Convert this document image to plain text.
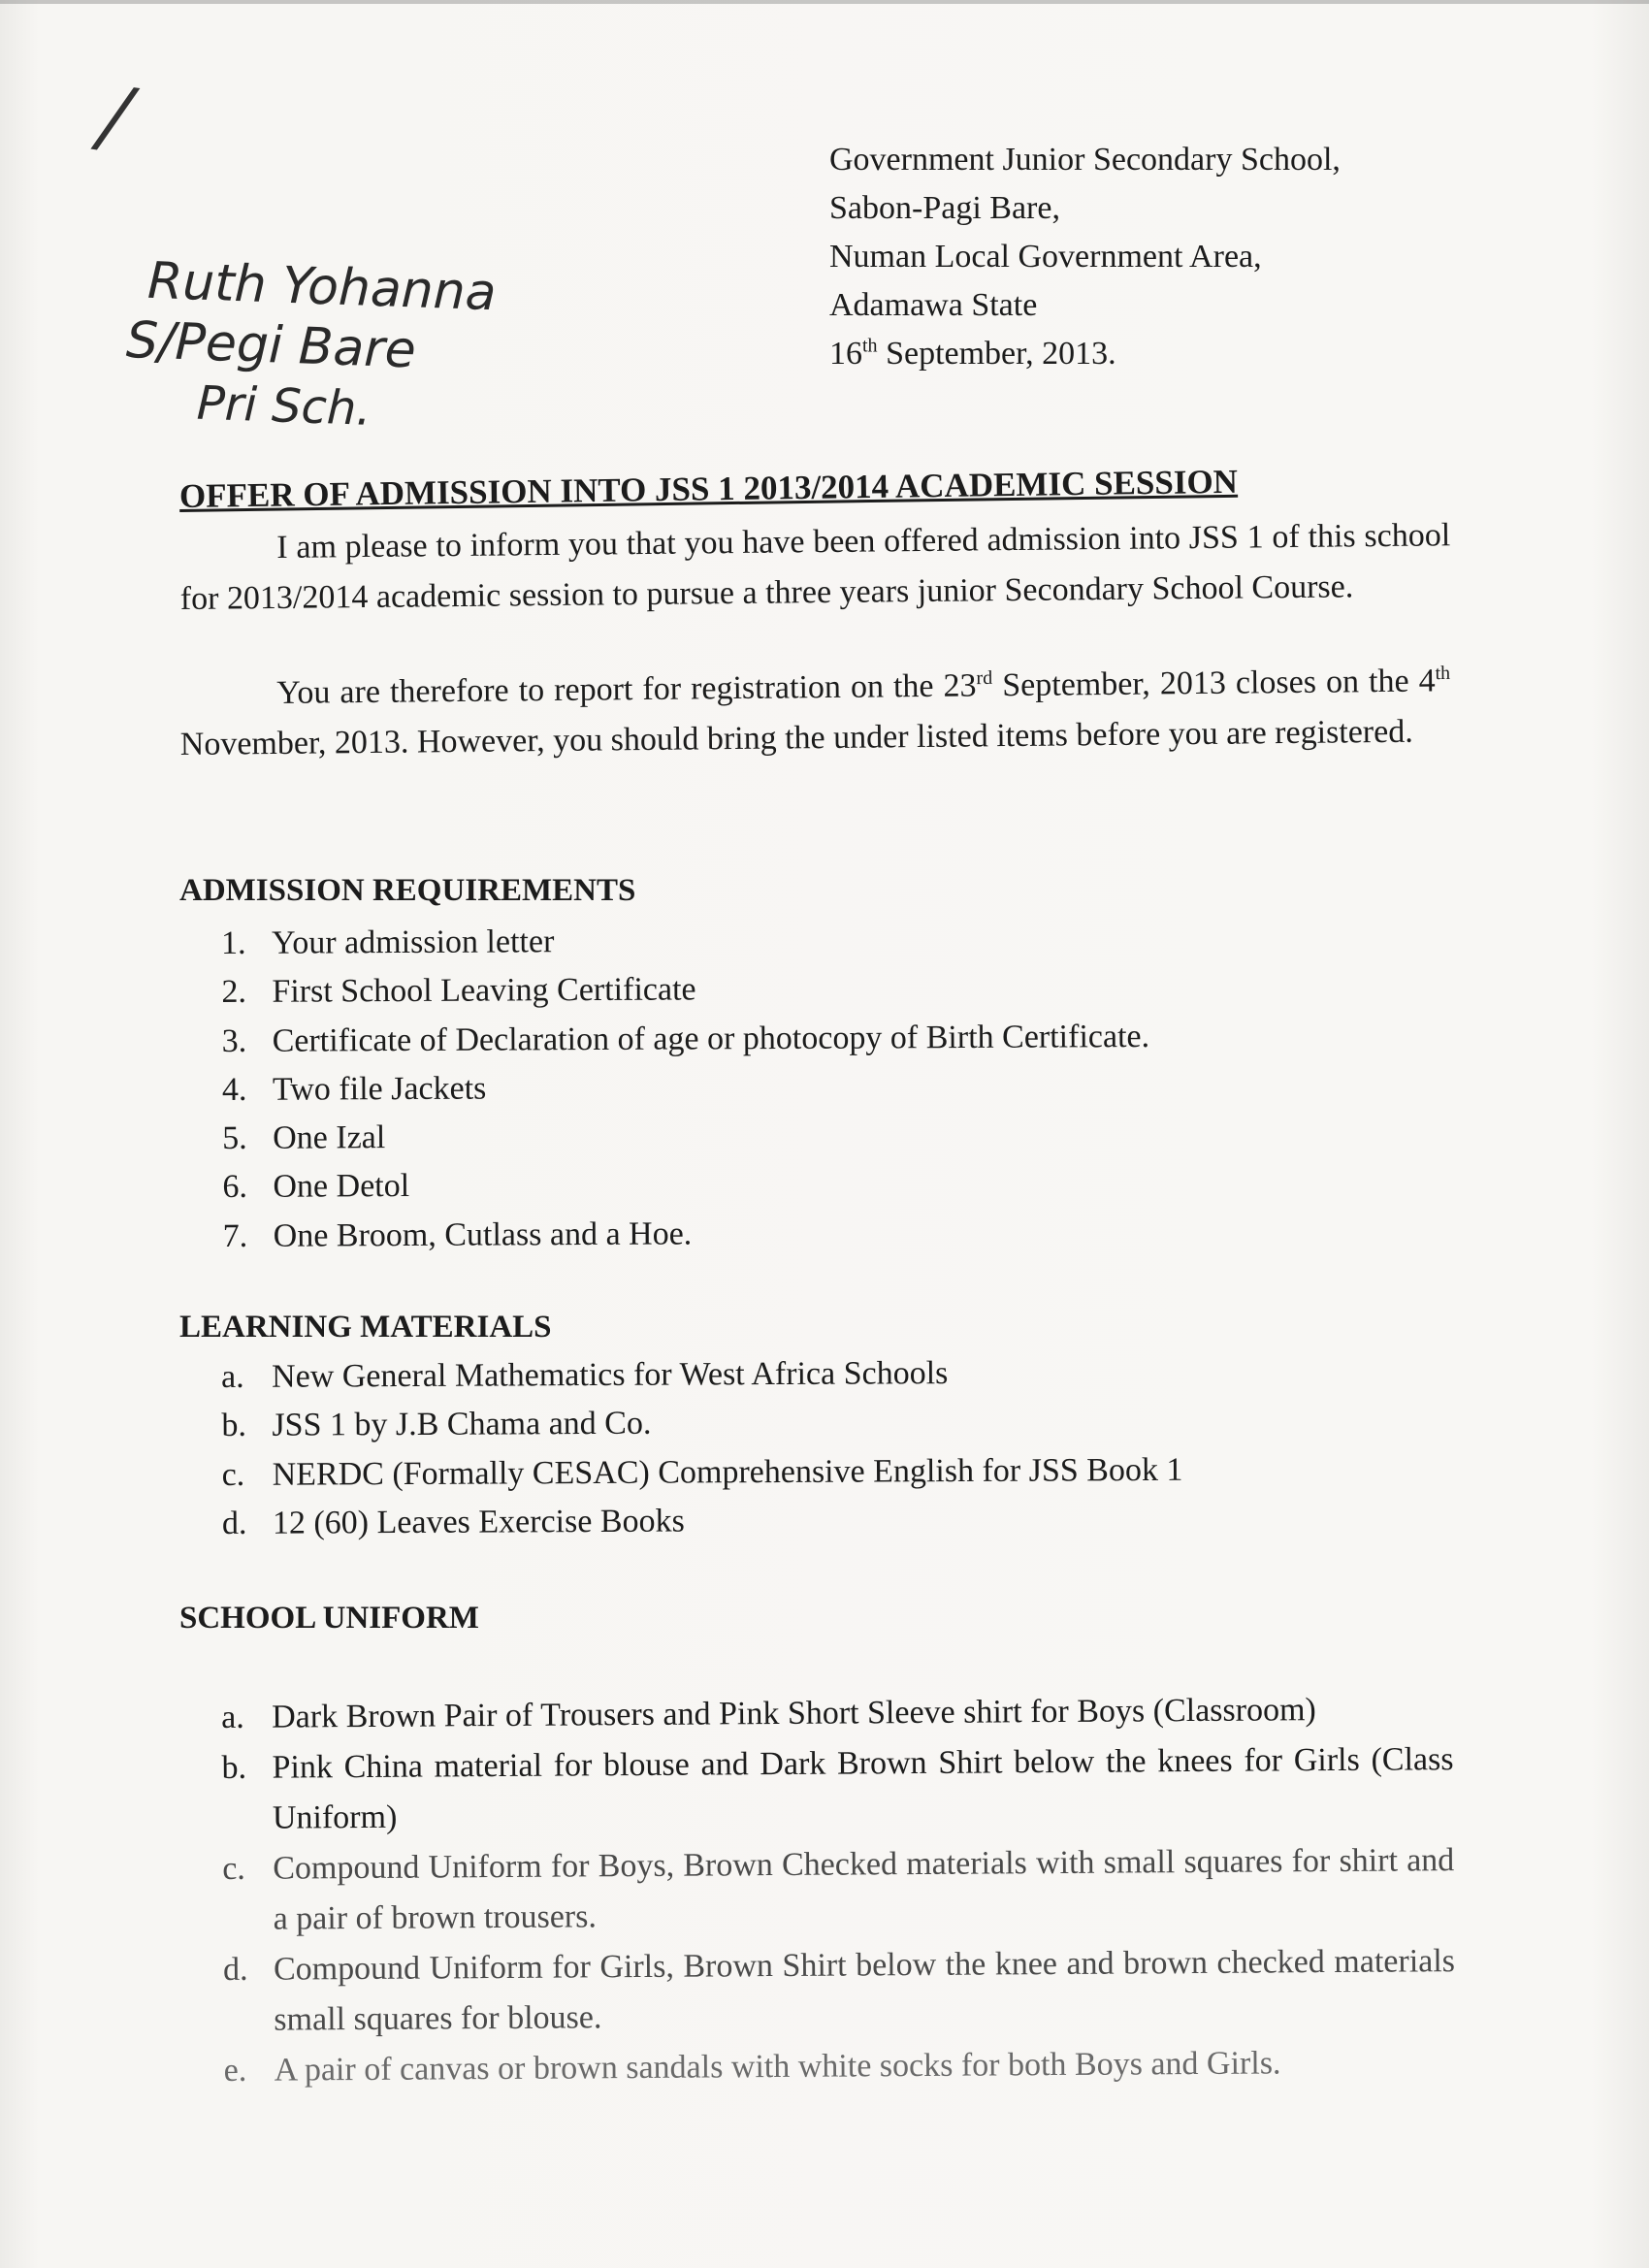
/	Government Junior Secondary School,
Sabon-Pagi Bare,
Numan Local Government Area,
Adamawa State
16th September, 2013.
Ruth Yohanna
S/Pegi Bare
Pri Sch.
OFFER OF ADMISSION INTO JSS 1 2013/2014 ACADEMIC SESSION
I am please to inform you that you have been offered admission into JSS 1 of this school for 2013/2014 academic session to pursue a three years junior Secondary School Course.
You are therefore to report for registration on the 23rd September, 2013 closes on the 4th November, 2013. However, you should bring the under listed items before you are registered.
ADMISSION REQUIREMENTS
1. Your admission letter
2. First School Leaving Certificate
3. Certificate of Declaration of age or photocopy of Birth Certificate.
4. Two file Jackets
5. One Izal
6. One Detol
7. One Broom, Cutlass and a Hoe.
LEARNING MATERIALS
a. New General Mathematics for West Africa Schools
b. JSS 1 by J.B Chama and Co.
c. NERDC (Formally CESAC) Comprehensive English for JSS Book 1
d. 12 (60) Leaves Exercise Books
SCHOOL UNIFORM
a. Dark Brown Pair of Trousers and Pink Short Sleeve shirt for Boys (Classroom)
b. Pink China material for blouse and Dark Brown Shirt below the knees for Girls (Class Uniform)
c. Compound Uniform for Boys, Brown Checked materials with small squares for shirt and a pair of brown trousers.
d. Compound Uniform for Girls, Brown Shirt below the knee and brown checked materials small squares for blouse.
e. A pair of canvas or brown sandals with white socks for both Boys and Girls.
